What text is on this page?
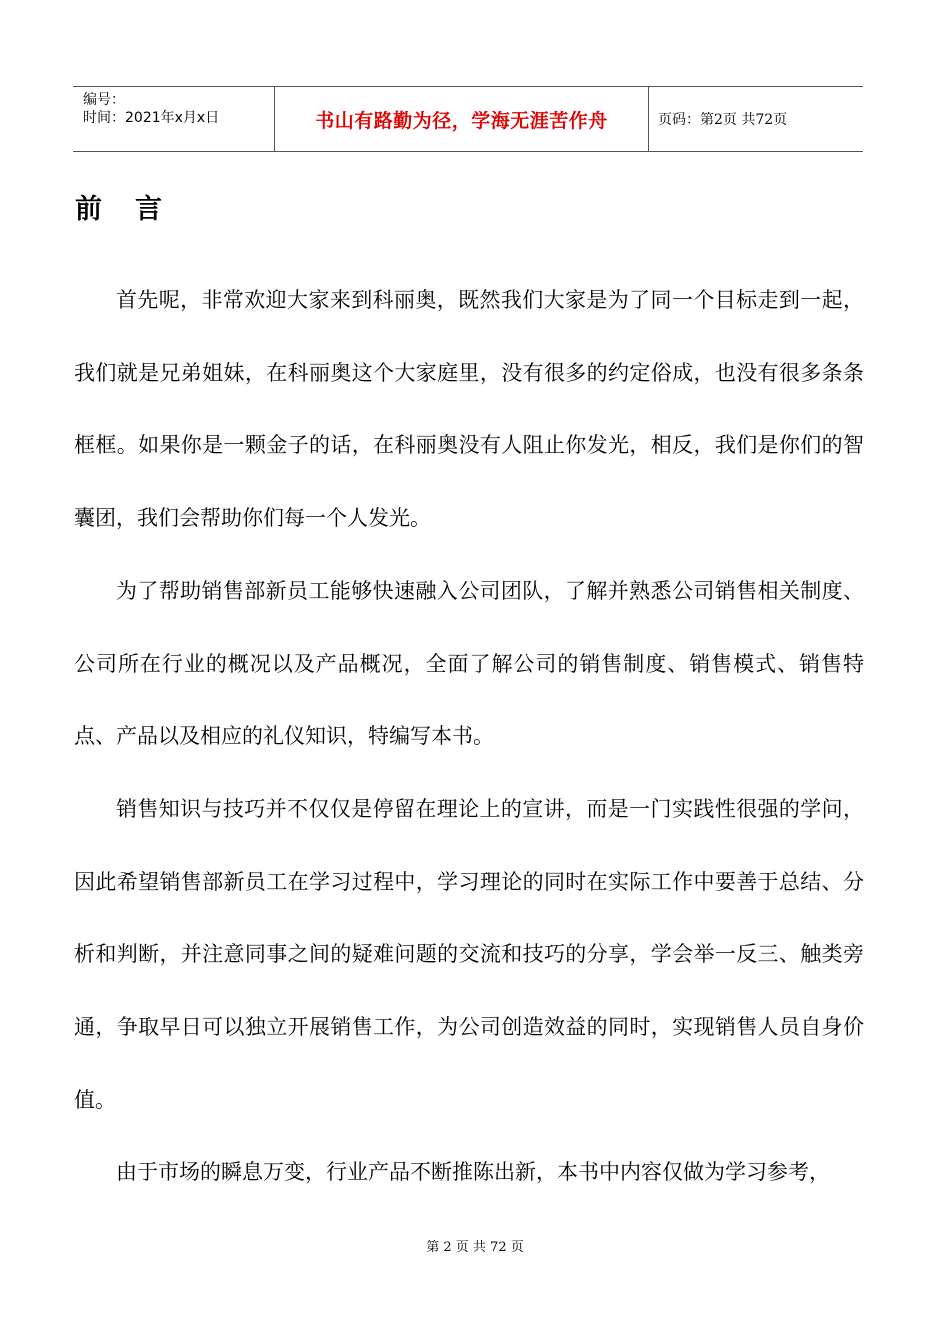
编号：
时间：2021年x月x日	书山有路勤为径，学海无涯苦作舟	页码：第2页 共72页
前言

首先呢，非常欢迎大家来到科丽奥，既然我们大家是为了同一个目标走到一起，我们就是兄弟姐妹，在科丽奥这个大家庭里，没有很多的约定俗成，也没有很多条条框框。如果你是一颗金子的话，在科丽奥没有人阻止你发光，相反，我们是你们的智囊团，我们会帮助你们每一个人发光。

为了帮助销售部新员工能够快速融入公司团队，了解并熟悉公司销售相关制度、公司所在行业的概况以及产品概况，全面了解公司的销售制度、销售模式、销售特点、产品以及相应的礼仪知识，特编写本书。

销售知识与技巧并不仅仅是停留在理论上的宣讲，而是一门实践性很强的学问，因此希望销售部新员工在学习过程中，学习理论的同时在实际工作中要善于总结、分析和判断，并注意同事之间的疑难问题的交流和技巧的分享，学会举一反三、触类旁通，争取早日可以独立开展销售工作，为公司创造效益的同时，实现销售人员自身价值。

由于市场的瞬息万变，行业产品不断推陈出新，本书中内容仅做为学习参考，

第 2 页 共 72 页
